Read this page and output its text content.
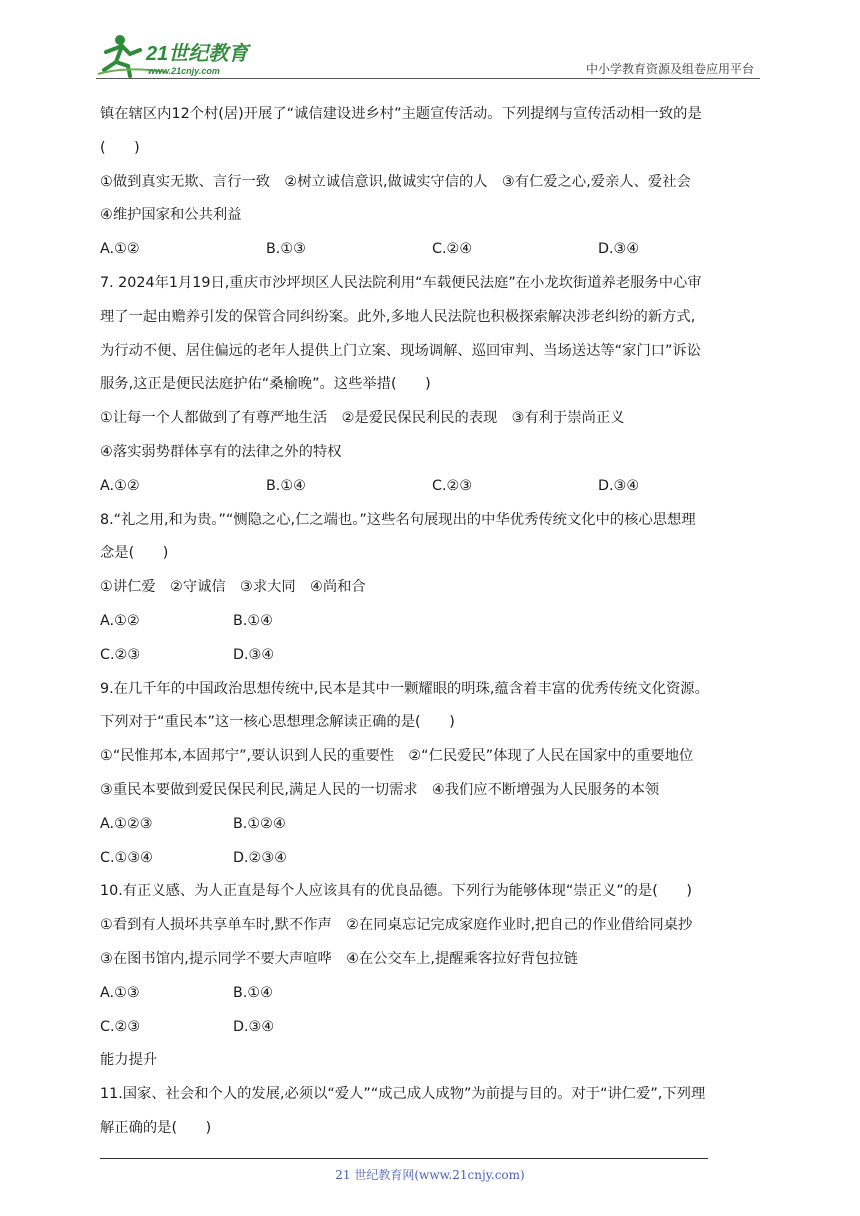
21世纪教育
www.21cnjy.com	中小学教育资源及组卷应用平台
镇在辖区内12个村(居)开展了“诚信建设进乡村”主题宣传活动。下列提纲与宣传活动相一致的是
(　　)
①做到真实无欺、言行一致　②树立诚信意识,做诚实守信的人　③有仁爱之心,爱亲人、爱社会
④维护国家和公共利益
A.①②	B.①③	C.②④	D.③④
7. 2024年1月19日,重庆市沙坪坝区人民法院利用“车载便民法庭”在小龙坎街道养老服务中心审
理了一起由赡养引发的保管合同纠纷案。此外,多地人民法院也积极探索解决涉老纠纷的新方式,
为行动不便、居住偏远的老年人提供上门立案、现场调解、巡回审判、当场送达等“家门口”诉讼
服务,这正是便民法庭护佑“桑榆晚”。这些举措(　　)
①让每一个人都做到了有尊严地生活　②是爱民保民利民的表现　③有利于崇尚正义
④落实弱势群体享有的法律之外的特权
A.①②	B.①④	C.②③	D.③④
8.“礼之用,和为贵。”“恻隐之心,仁之端也。”这些名句展现出的中华优秀传统文化中的核心思想理
念是(　　)
①讲仁爱　②守诚信　③求大同　④尚和合
A.①②	B.①④
C.②③	D.③④
9.在几千年的中国政治思想传统中,民本是其中一颗耀眼的明珠,蕴含着丰富的优秀传统文化资源。
下列对于“重民本”这一核心思想理念解读正确的是(　　)
①“民惟邦本,本固邦宁”,要认识到人民的重要性　②“仁民爱民”体现了人民在国家中的重要地位
③重民本要做到爱民保民利民,满足人民的一切需求　④我们应不断增强为人民服务的本领
A.①②③	B.①②④
C.①③④	D.②③④
10.有正义感、为人正直是每个人应该具有的优良品德。下列行为能够体现“崇正义”的是(　　)
①看到有人损坏共享单车时,默不作声　②在同桌忘记完成家庭作业时,把自己的作业借给同桌抄
③在图书馆内,提示同学不要大声喧哗　④在公交车上,提醒乘客拉好背包拉链
A.①③	B.①④
C.②③	D.③④
能力提升
11.国家、社会和个人的发展,必须以“爱人”“成己成人成物”为前提与目的。对于“讲仁爱”,下列理
解正确的是(　　)
21 世纪教育网(www.21cnjy.com)
